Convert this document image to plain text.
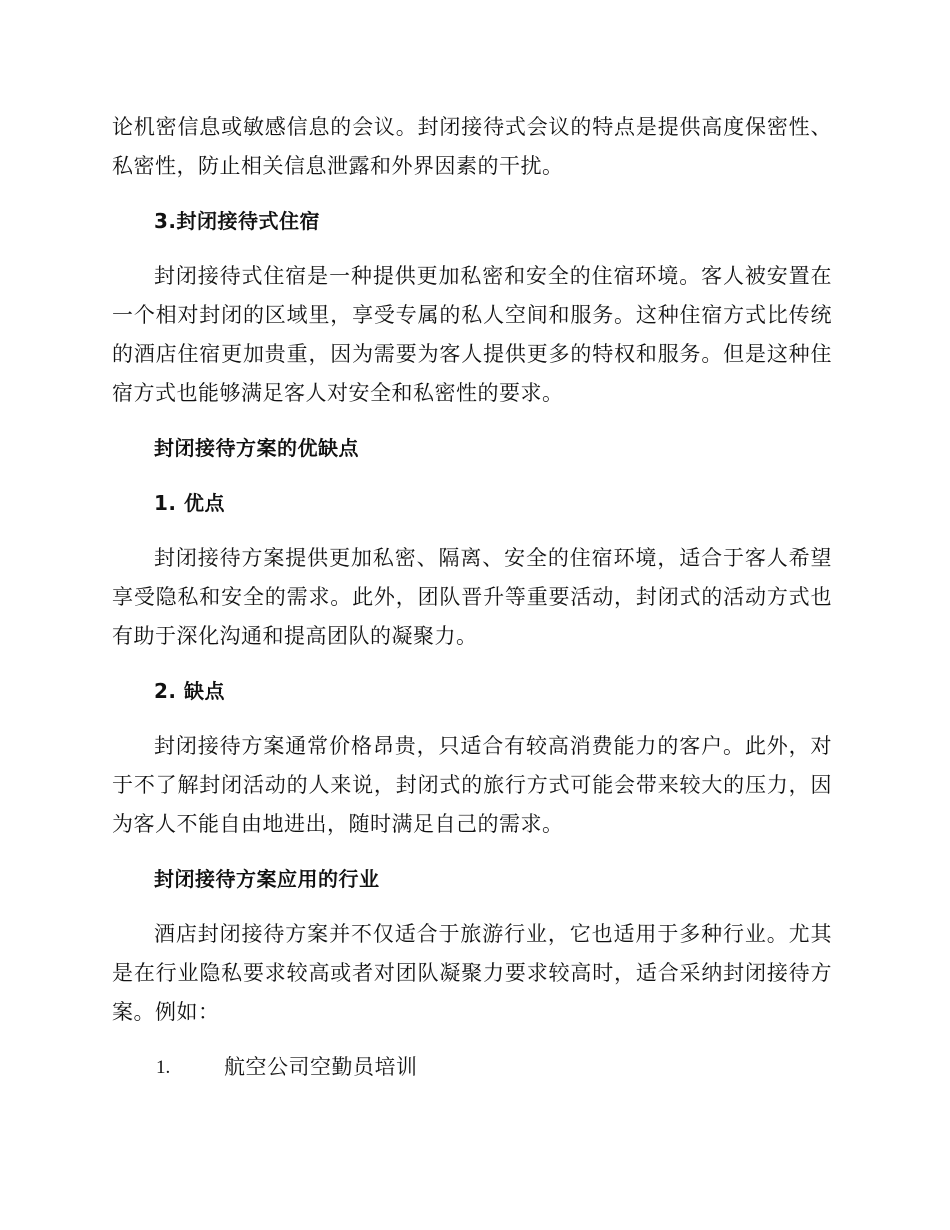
论机密信息或敏感信息的会议。封闭接待式会议的特点是提供高度保密性、私密性，防止相关信息泄露和外界因素的干扰。

3.封闭接待式住宿

封闭接待式住宿是一种提供更加私密和安全的住宿环境。客人被安置在一个相对封闭的区域里，享受专属的私人空间和服务。这种住宿方式比传统的酒店住宿更加贵重，因为需要为客人提供更多的特权和服务。但是这种住宿方式也能够满足客人对安全和私密性的要求。

封闭接待方案的优缺点

1. 优点

封闭接待方案提供更加私密、隔离、安全的住宿环境，适合于客人希望享受隐私和安全的需求。此外，团队晋升等重要活动，封闭式的活动方式也有助于深化沟通和提高团队的凝聚力。

2. 缺点

封闭接待方案通常价格昂贵，只适合有较高消费能力的客户。此外，对于不了解封闭活动的人来说，封闭式的旅行方式可能会带来较大的压力，因为客人不能自由地进出，随时满足自己的需求。

封闭接待方案应用的行业

酒店封闭接待方案并不仅适合于旅游行业，它也适用于多种行业。尤其是在行业隐私要求较高或者对团队凝聚力要求较高时，适合采纳封闭接待方案。例如：

1.	航空公司空勤员培训
